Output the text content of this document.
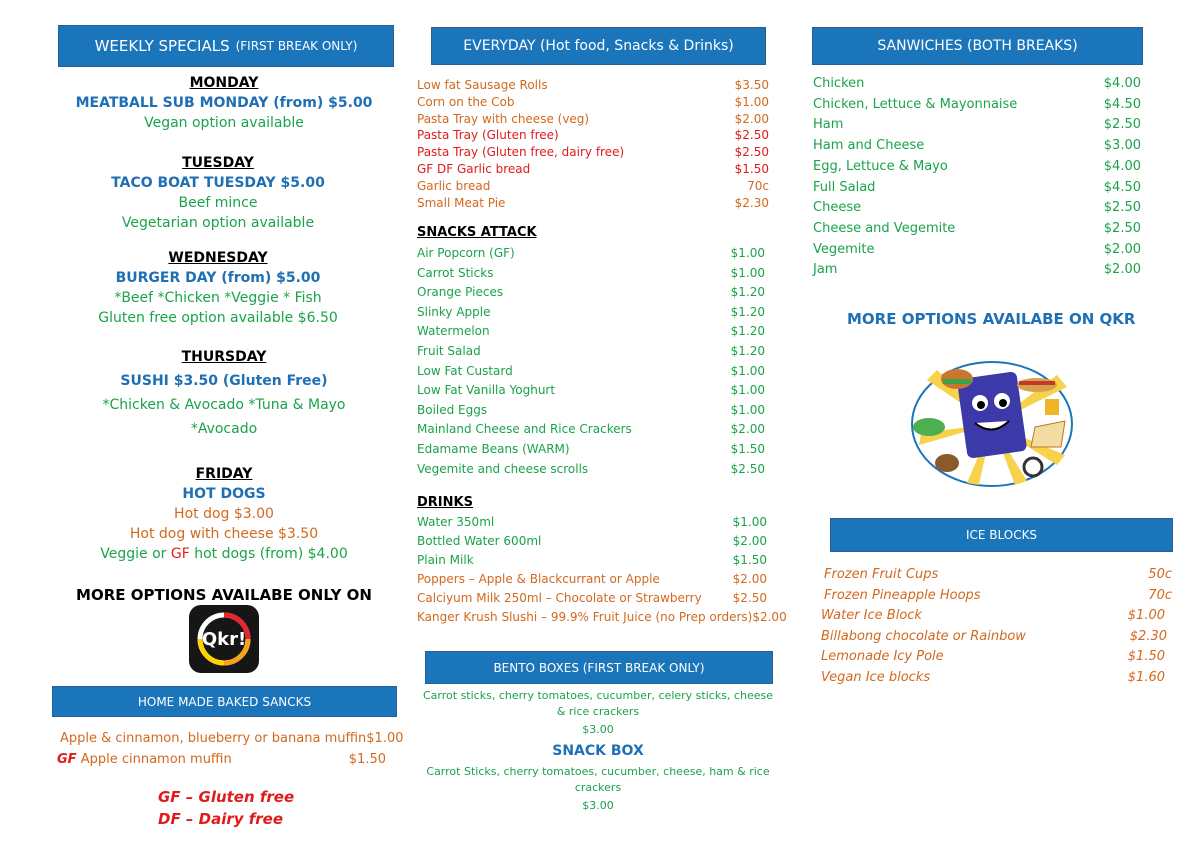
WEEKLY SPECIALS (FIRST BREAK ONLY)
MONDAY
MEATBALL SUB MONDAY (from) $5.00
Vegan option available
TUESDAY
TACO BOAT TUESDAY $5.00
Beef mince
Vegetarian option available
WEDNESDAY
BURGER DAY (from) $5.00
*Beef *Chicken *Veggie * Fish
Gluten free option available $6.50
THURSDAY
SUSHI $3.50 (Gluten Free)
*Chicken & Avocado *Tuna & Mayo
*Avocado
FRIDAY
HOT DOGS
Hot dog $3.00
Hot dog with cheese $3.50
Veggie or GF hot dogs (from) $4.00
MORE OPTIONS AVAILABE ONLY ON
Qkr!
HOME MADE BAKED SANCKS
Apple & cinnamon, blueberry or banana muffin $1.00
GF Apple cinnamon muffin	$1.50
GF – Gluten free
DF – Dairy free
EVERYDAY (Hot food, Snacks & Drinks)
Low fat Sausage Rolls	$3.50
Corn on the Cob	$1.00
Pasta Tray with cheese (veg)	$2.00
Pasta Tray (Gluten free)	$2.50
Pasta Tray (Gluten free, dairy free)	$2.50
GF DF Garlic bread	$1.50
Garlic bread	70c
Small Meat Pie	$2.30
SNACKS ATTACK
Air Popcorn (GF)	$1.00
Carrot Sticks	$1.00
Orange Pieces	$1.20
Slinky Apple	$1.20
Watermelon	$1.20
Fruit Salad	$1.20
Low Fat Custard	$1.00
Low Fat Vanilla Yoghurt	$1.00
Boiled Eggs	$1.00
Mainland Cheese and Rice Crackers	$2.00
Edamame Beans (WARM)	$1.50
Vegemite and cheese scrolls	$2.50
DRINKS
Water 350ml	$1.00
Bottled Water 600ml	$2.00
Plain Milk	$1.50
Poppers – Apple & Blackcurrant or Apple	$2.00
Calciyum Milk 250ml – Chocolate or Strawberry	$2.50
Kanger Krush Slushi – 99.9% Fruit Juice (no Prep orders) $2.00
BENTO BOXES (FIRST BREAK ONLY)
Carrot sticks, cherry tomatoes, cucumber, celery sticks, cheese & rice crackers
$3.00
SNACK BOX
Carrot Sticks, cherry tomatoes, cucumber, cheese, ham & rice crackers
$3.00
SANWICHES (BOTH BREAKS)
Chicken	$4.00
Chicken, Lettuce & Mayonnaise	$4.50
Ham	$2.50
Ham and Cheese	$3.00
Egg, Lettuce & Mayo	$4.00
Full Salad	$4.50
Cheese	$2.50
Cheese and Vegemite	$2.50
Vegemite	$2.00
Jam	$2.00
MORE OPTIONS AVAILABE ON QKR
ICE BLOCKS
Frozen Fruit Cups	50c
Frozen Pineapple Hoops	70c
Water Ice Block	$1.00
Billabong chocolate or Rainbow	$2.30
Lemonade Icy Pole	$1.50
Vegan Ice blocks	$1.60
